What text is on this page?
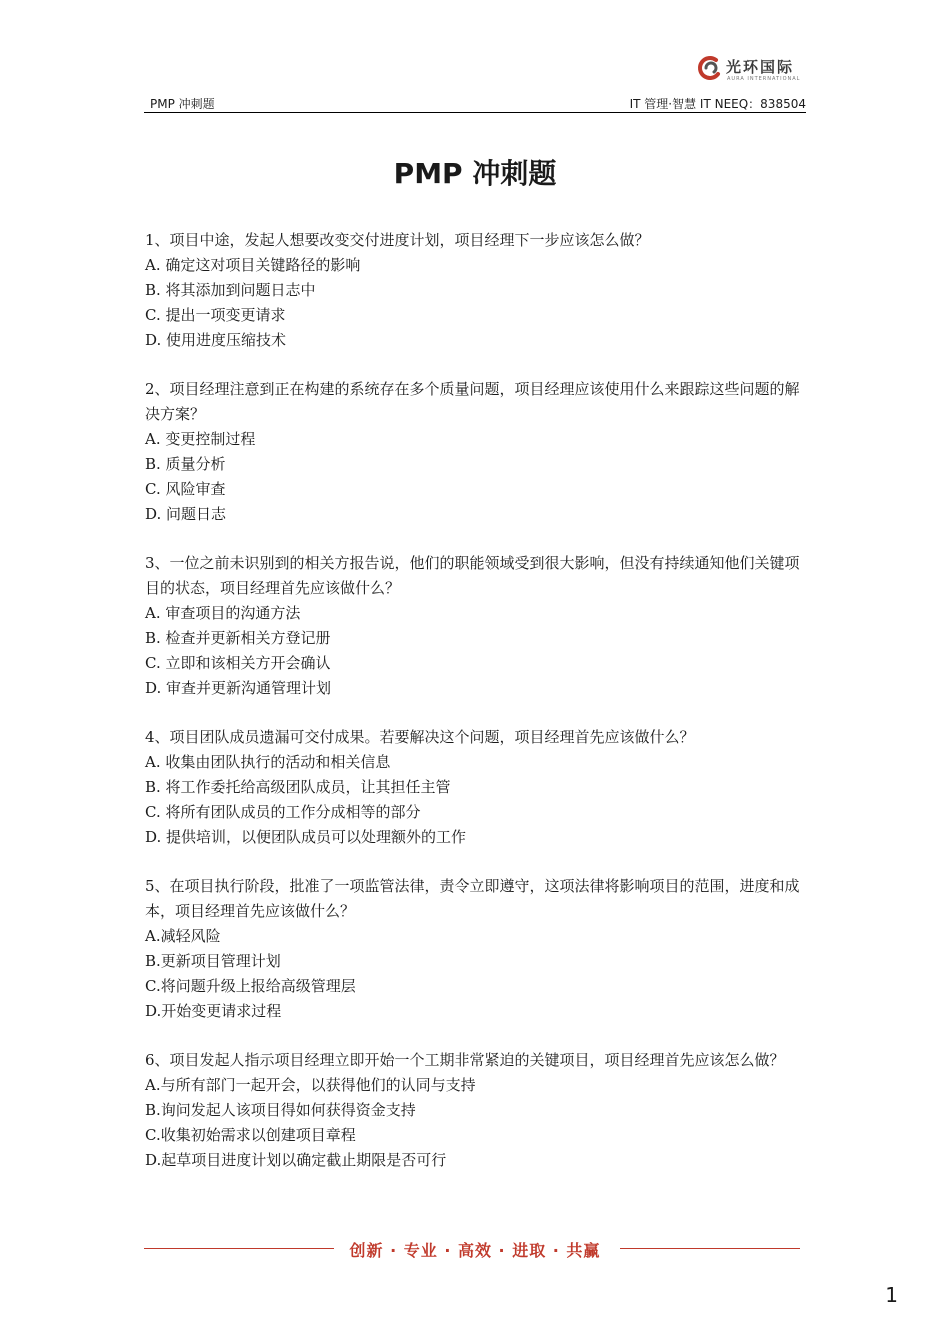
光环国际
AURA INTERNATIONAL
PMP 冲刺题	IT 管理·智慧 IT NEEQ：838504
PMP 冲刺题

1、项目中途，发起人想要改变交付进度计划，项目经理下一步应该怎么做？

A. 确定这对项目关键路径的影响

B. 将其添加到问题日志中

C. 提出一项变更请求

D. 使用进度压缩技术

2、项目经理注意到正在构建的系统存在多个质量问题，项目经理应该使用什么来跟踪这些问题的解决方案？

A. 变更控制过程

B. 质量分析

C. 风险审查

D. 问题日志

3、一位之前未识别到的相关方报告说，他们的职能领域受到很大影响，但没有持续通知他们关键项目的状态，项目经理首先应该做什么？

A. 审查项目的沟通方法

B. 检查并更新相关方登记册

C. 立即和该相关方开会确认

D. 审查并更新沟通管理计划

4、项目团队成员遗漏可交付成果。若要解决这个问题，项目经理首先应该做什么？

A. 收集由团队执行的活动和相关信息

B. 将工作委托给高级团队成员，让其担任主管

C. 将所有团队成员的工作分成相等的部分

D. 提供培训，以便团队成员可以处理额外的工作

5、在项目执行阶段，批准了一项监管法律，责令立即遵守，这项法律将影响项目的范围，进度和成本，项目经理首先应该做什么？

A.减轻风险

B.更新项目管理计划

C.将问题升级上报给高级管理层

D.开始变更请求过程

6、项目发起人指示项目经理立即开始一个工期非常紧迫的关键项目，项目经理首先应该怎么做？

A.与所有部门一起开会，以获得他们的认同与支持

B.询问发起人该项目得如何获得资金支持

C.收集初始需求以创建项目章程

D.起草项目进度计划以确定截止期限是否可行

创新 · 专业 · 高效 · 进取 · 共赢
1
